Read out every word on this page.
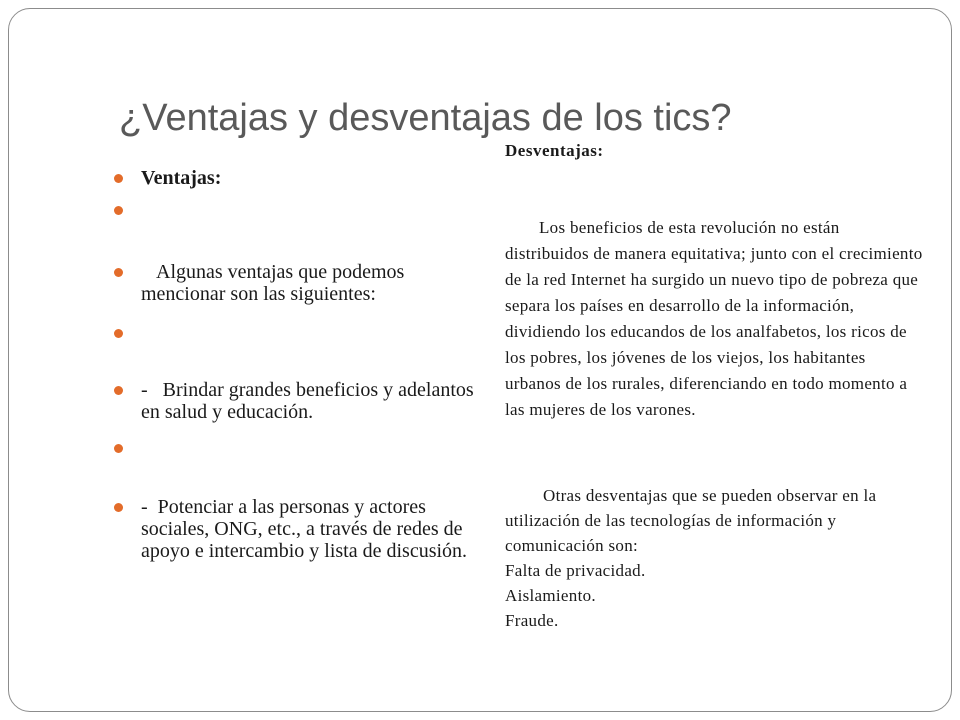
¿Ventajas y desventajas de los tics?
Ventajas:
Algunas ventajas que podemos mencionar son las siguientes:
-   Brindar grandes beneficios y adelantos en salud y educación.
-  Potenciar a las personas y actores sociales, ONG, etc., a través de redes de apoyo e intercambio y lista de discusión.
Desventajas:
Los beneficios de esta revolución no están distribuidos de manera equitativa; junto con el crecimiento de la red Internet ha surgido un nuevo tipo de pobreza que separa los países en desarrollo de la información, dividiendo los educandos de los analfabetos, los ricos de los pobres, los jóvenes de los viejos, los habitantes urbanos de los rurales, diferenciando en todo momento a las mujeres de los varones.
Otras desventajas que se pueden observar en la utilización de las tecnologías de información y comunicación son:
Falta de privacidad.
Aislamiento.
Fraude.
